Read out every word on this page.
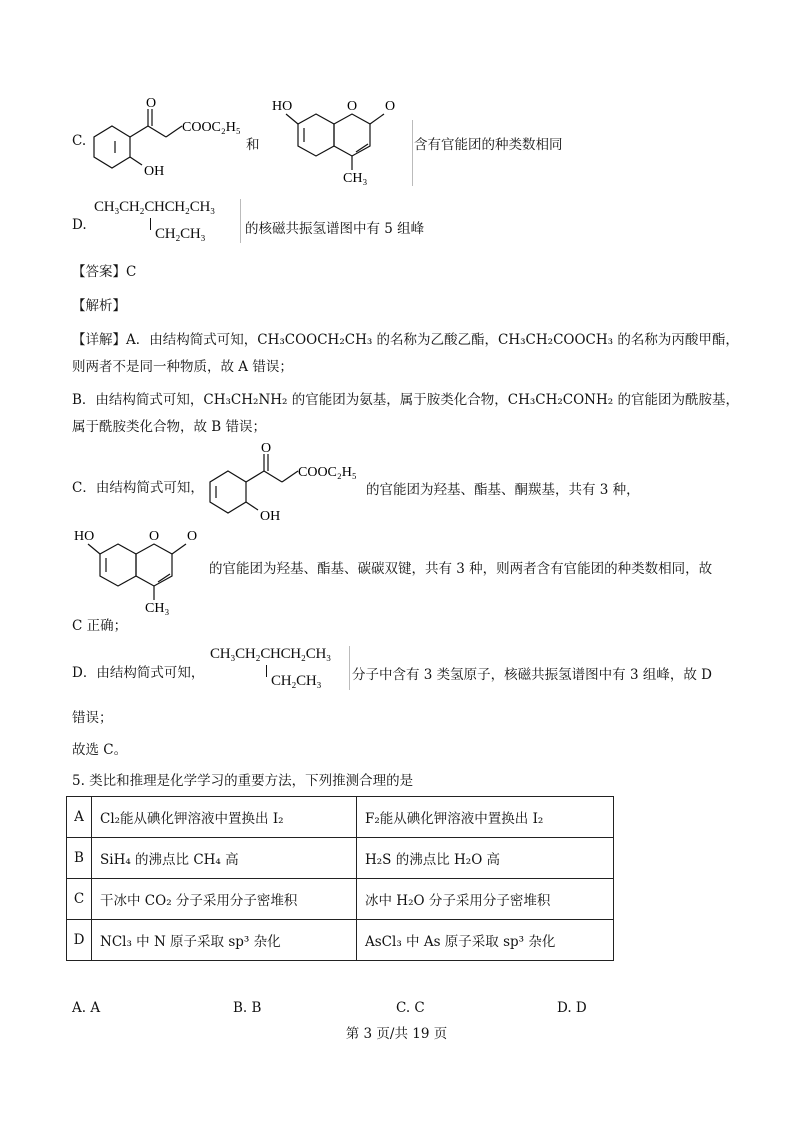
C.
O
COOC₂H₅
OH
和
HO	O O
CH₃
含有官能团的种类数相同
D.
CH₃CH₂CHCH₂CH₃
CH₂CH₃	的核磁共振氢谱图中有 5 组峰
【答案】C
【解析】
【详解】A．由结构简式可知，CH₃COOCH₂CH₃ 的名称为乙酸乙酯，CH₃CH₂COOCH₃ 的名称为丙酸甲酯，
则两者不是同一种物质，故 A 错误；
B．由结构简式可知，CH₃CH₂NH₂ 的官能团为氨基，属于胺类化合物，CH₃CH₂CONH₂ 的官能团为酰胺基，
属于酰胺类化合物，故 B 错误；
C．由结构简式可知，
O
COOC₂H₅
OH
的官能团为羟基、酯基、酮羰基，共有 3 种，
HO	O O
CH₃
的官能团为羟基、酯基、碳碳双键，共有 3 种，则两者含有官能团的种类数相同，故
C 正确；
D．由结构简式可知，
CH₃CH₂CHCH₂CH₃
CH₂CH₃ 分子中含有 3 类氢原子，核磁共振氢谱图中有 3 组峰，故 D
错误；
故选 C。
5. 类比和推理是化学学习的重要方法，下列推测合理的是
A	Cl₂能从碘化钾溶液中置换出 I₂	F₂能从碘化钾溶液中置换出 I₂
B	SiH₄ 的沸点比 CH₄ 高	H₂S 的沸点比 H₂O 高
C	干冰中 CO₂ 分子采用分子密堆积	冰中 H₂O 分子采用分子密堆积
D	NCl₃ 中 N 原子采取 sp³ 杂化	AsCl₃ 中 As 原子采取 sp³ 杂化
A. A	B. B	C. C	D. D
第 3 页/共 19 页
